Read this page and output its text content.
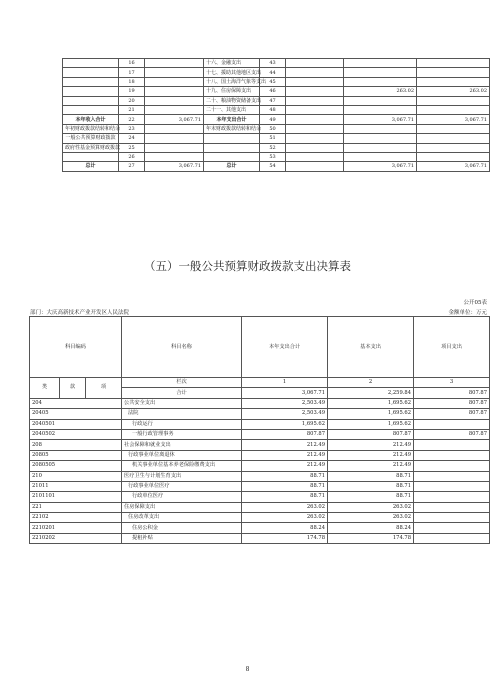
	16		十六、金融支出	43			
	17		十七、援助其他地区支出	44			
	18		十八、国土海洋气象等支出	45			
	19		十九、住房保障支出	46		263.02	263.02
	20		二十、粮油物资储备支出	47			
	21		二十一、其他支出	48			
本年收入合计	22	3,067.71	本年支出合计	49		3,067.71	3,067.71
年初财政拨款结转和结余	23		年末财政拨款结转和结余	50			
一般公共预算财政拨款	24			51			
政府性基金预算财政拨款	25			52			
	26			53			
总计	27	3,067.71	总计	54		3,067.71	3,067.71
（五）一般公共预算财政拨款支出决算表
公开05表
部门：大庆高新技术产业开发区人民法院	金额单位：万元
科目编码			科目名称	本年支出合计	基本支出	项目支出
类	款	项	栏次	1	2	3
			合计	3,067.71	2,259.84	807.87
204			公共安全支出	2,503.49	1,695.62	807.87
20405			法院	2,503.49	1,695.62	807.87
2040501			行政运行	1,695.62	1,695.62	
2040502			一般行政管理事务	807.87	807.87	807.87
208			社会保障和就业支出	212.49	212.49	
20805			行政事业单位离退休	212.49	212.49	
2080505			机关事业单位基本养老保险缴费支出	212.49	212.49	
210			医疗卫生与计划生育支出	88.71	88.71	
21011			行政事业单位医疗	88.71	88.71	
2101101			行政单位医疗	88.71	88.71	
221			住房保障支出	263.02	263.02	
22102			住房改革支出	263.02	263.02	
2210201			住房公积金	88.24	88.24	
2210202			提租补贴	174.78	174.78	
8
